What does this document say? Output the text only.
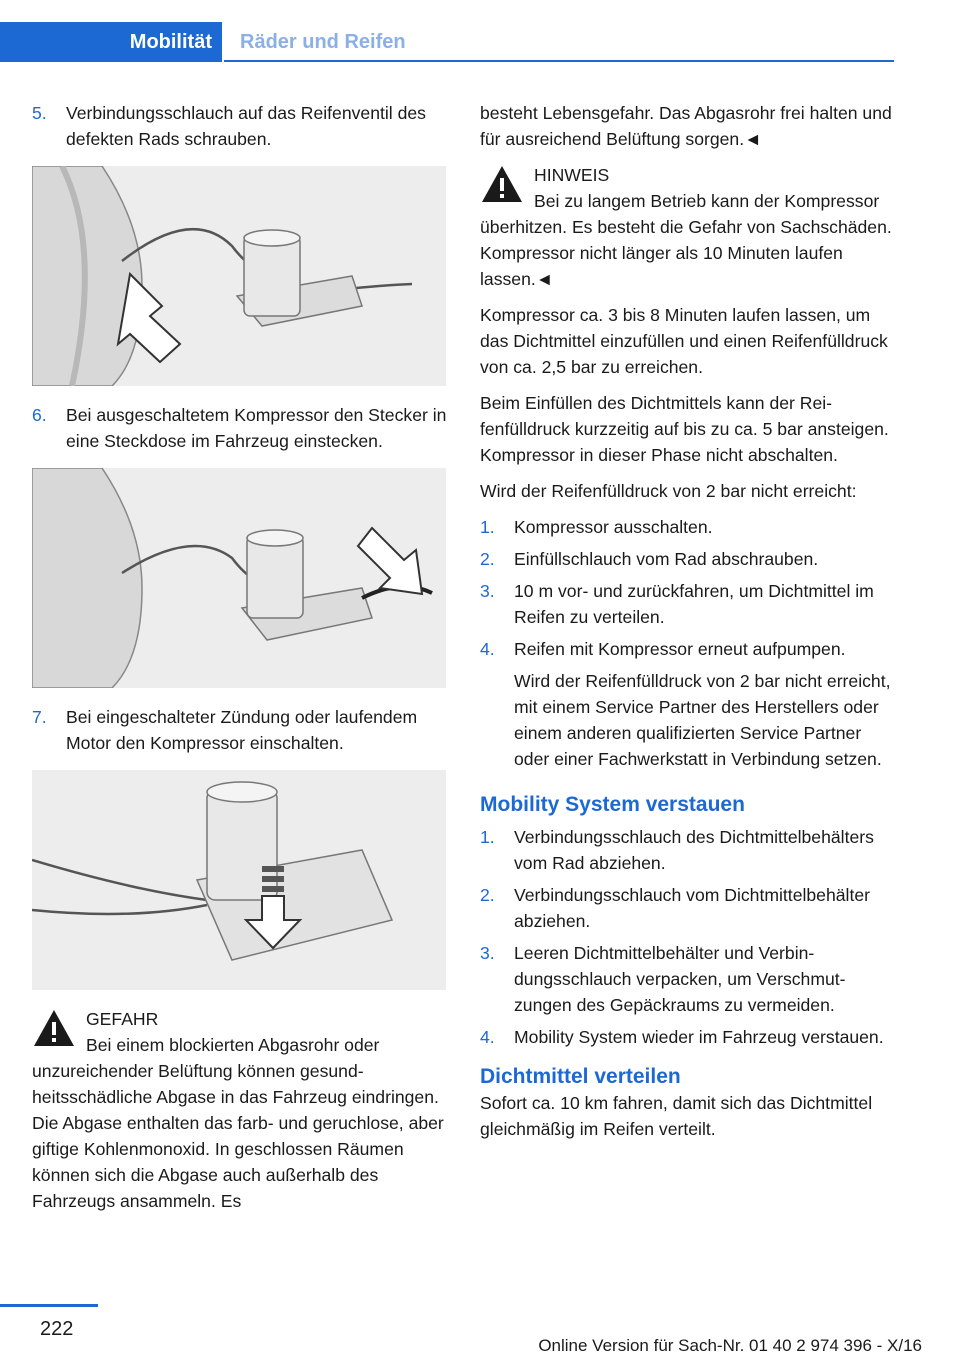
Mobilität	Räder und Reifen
5. Verbindungsschlauch auf das Reifenventil des defekten Rads schrauben.
6. Bei ausgeschaltetem Kompressor den Stecker in eine Steckdose im Fahrzeug einstecken.
7. Bei eingeschalteter Zündung oder laufendem Motor den Kompressor einschalten.
GEFAHR
Bei einem blockierten Abgasrohr oder unzureichender Belüftung können gesundheitsschädliche Abgase in das Fahrzeug eindringen. Die Abgase enthalten das farb- und geruchlose, aber giftige Kohlenmonoxid. In geschlossen Räumen können sich die Abgase auch außerhalb des Fahrzeugs ansammeln. Es

besteht Lebensgefahr. Das Abgasrohr frei halten und für ausreichend Belüftung sorgen.◄

HINWEIS
Bei zu langem Betrieb kann der Kompressor überhitzen. Es besteht die Gefahr von Sachschäden. Kompressor nicht länger als 10 Minuten laufen lassen.◄

Kompressor ca. 3 bis 8 Minuten laufen lassen, um das Dichtmittel einzufüllen und einen Reifenfülldruck von ca. 2,5 bar zu erreichen.

Beim Einfüllen des Dichtmittels kann der Reifenfülldruck kurzzeitig auf bis zu ca. 5 bar ansteigen. Kompressor in dieser Phase nicht abschalten.

Wird der Reifenfülldruck von 2 bar nicht erreicht:

1. Kompressor ausschalten.
2. Einfüllschlauch vom Rad abschrauben.
3. 10 m vor- und zurückfahren, um Dichtmittel im Reifen zu verteilen.
4. Reifen mit Kompressor erneut aufpumpen.
Wird der Reifenfülldruck von 2 bar nicht erreicht, mit einem Service Partner des Herstellers oder einem anderen qualifizierten Service Partner oder einer Fachwerkstatt in Verbindung setzen.
Mobility System verstauen
1. Verbindungsschlauch des Dichtmittelbehälters vom Rad abziehen.
2. Verbindungsschlauch vom Dichtmittelbehälter abziehen.
3. Leeren Dichtmittelbehälter und Verbindungsschlauch verpacken, um Verschmutzungen des Gepäckraums zu vermeiden.
4. Mobility System wieder im Fahrzeug verstauen.
Dichtmittel verteilen

Sofort ca. 10 km fahren, damit sich das Dichtmittel gleichmäßig im Reifen verteilt.

222
Online Version für Sach-Nr. 01 40 2 974 396 - X/16
